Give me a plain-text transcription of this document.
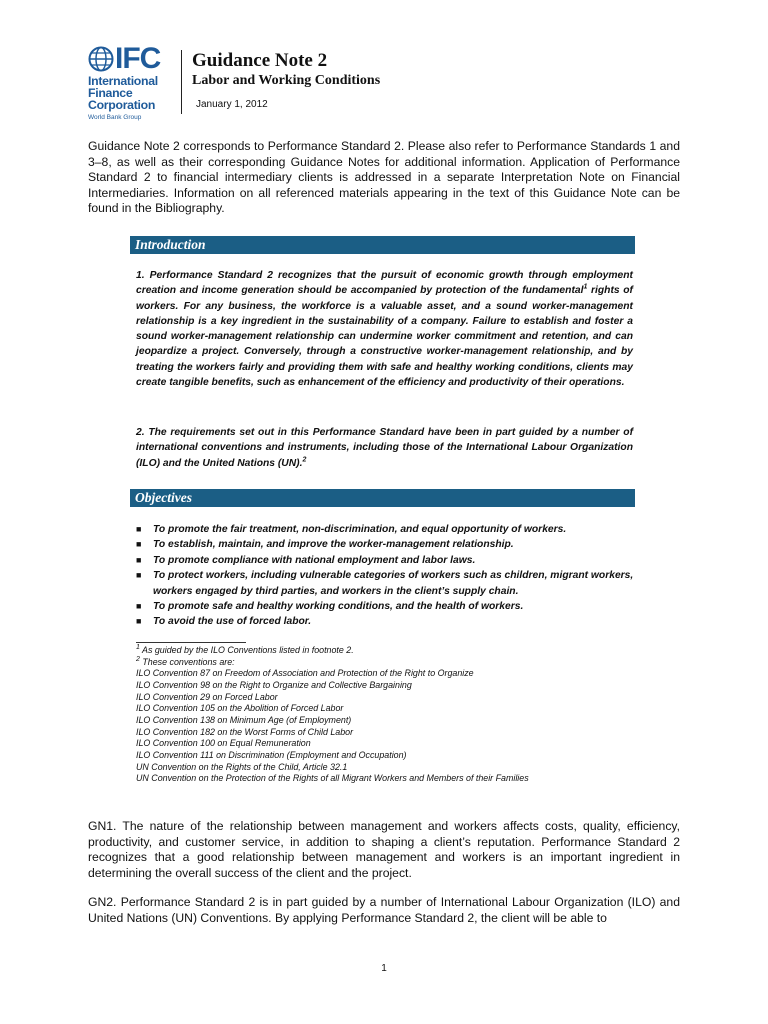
IFC
International
Finance
Corporation
World Bank Group
Guidance Note 2
Labor and Working Conditions
January 1, 2012
Guidance Note 2 corresponds to Performance Standard 2. Please also refer to Performance Standards 1 and 3–8, as well as their corresponding Guidance Notes for additional information. Application of Performance Standard 2 to financial intermediary clients is addressed in a separate Interpretation Note on Financial Intermediaries. Information on all referenced materials appearing in the text of this Guidance Note can be found in the Bibliography.
Introduction
1. Performance Standard 2 recognizes that the pursuit of economic growth through employment creation and income generation should be accompanied by protection of the fundamental$^1$ rights of workers. For any business, the workforce is a valuable asset, and a sound worker-management relationship is a key ingredient in the sustainability of a company. Failure to establish and foster a sound worker-management relationship can undermine worker commitment and retention, and can jeopardize a project. Conversely, through a constructive worker-management relationship, and by treating the workers fairly and providing them with safe and healthy working conditions, clients may create tangible benefits, such as enhancement of the efficiency and productivity of their operations.
2. The requirements set out in this Performance Standard have been in part guided by a number of international conventions and instruments, including those of the International Labour Organization (ILO) and the United Nations (UN).$^2$
Objectives
■ To promote the fair treatment, non-discrimination, and equal opportunity of workers.
■ To establish, maintain, and improve the worker-management relationship.
■ To promote compliance with national employment and labor laws.
■ To protect workers, including vulnerable categories of workers such as children, migrant workers, workers engaged by third parties, and workers in the client’s supply chain.
■ To promote safe and healthy working conditions, and the health of workers.
■ To avoid the use of forced labor.
$^1$ As guided by the ILO Conventions listed in footnote 2.
$^2$ These conventions are:
ILO Convention 87 on Freedom of Association and Protection of the Right to Organize
ILO Convention 98 on the Right to Organize and Collective Bargaining
ILO Convention 29 on Forced Labor
ILO Convention 105 on the Abolition of Forced Labor
ILO Convention 138 on Minimum Age (of Employment)
ILO Convention 182 on the Worst Forms of Child Labor
ILO Convention 100 on Equal Remuneration
ILO Convention 111 on Discrimination (Employment and Occupation)
UN Convention on the Rights of the Child, Article 32.1
UN Convention on the Protection of the Rights of all Migrant Workers and Members of their Families
GN1. The nature of the relationship between management and workers affects costs, quality, efficiency, productivity, and customer service, in addition to shaping a client’s reputation. Performance Standard 2 recognizes that a good relationship between management and workers is an important ingredient in determining the overall success of the client and the project.
GN2. Performance Standard 2 is in part guided by a number of International Labour Organization (ILO) and United Nations (UN) Conventions. By applying Performance Standard 2, the client will be able to
1
